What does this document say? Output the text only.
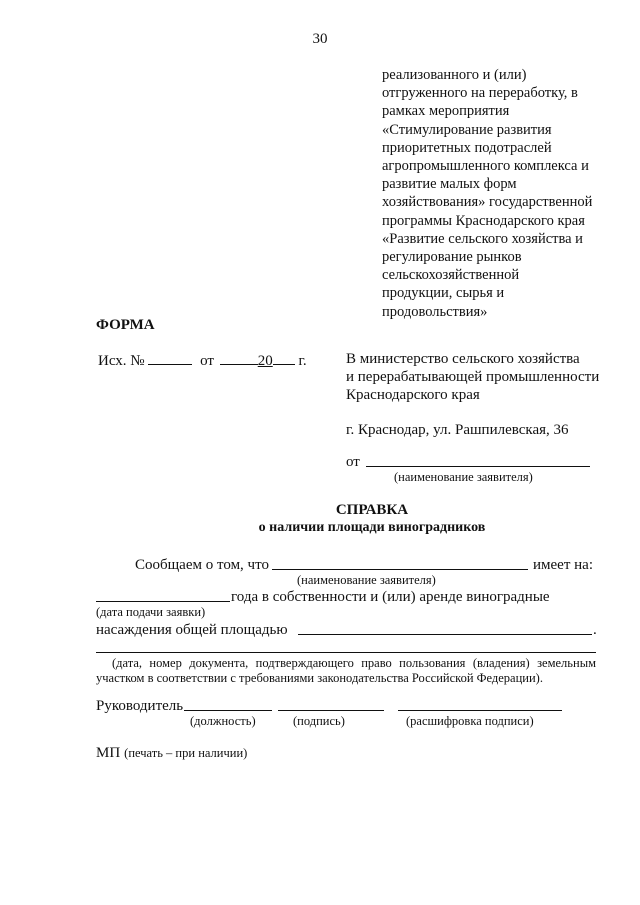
30
реализованного и (или)
отгруженного на переработку, в
рамках мероприятия
«Стимулирование развития
приоритетных подотраслей
агропромышленного комплекса и
развитие малых форм
хозяйствования» государственной
программы Краснодарского края
«Развитие сельского хозяйства и
регулирование рынков
сельскохозяйственной
продукции, сырья и
продовольствия»
ФОРМА
Исх. №	от	20 г.	В министерство сельского хозяйства
и перерабатывающей промышленности
Краснодарского края
г. Краснодар, ул. Рашпилевская, 36
от
(наименование заявителя)
СПРАВКА
о наличии площади виноградников
Сообщаем о том, что	имеет на:
(наименование заявителя)
года в собственности и (или) аренде виноградные
(дата подачи заявки)
насаждения общей площадью	.
(дата, номер документа, подтверждающего право пользования (владения) земельным участком в соответствии с требованиями законодательства Российской Федерации).
Руководитель
(должность)	(подпись)	(расшифровка подписи)
МП (печать – при наличии)
